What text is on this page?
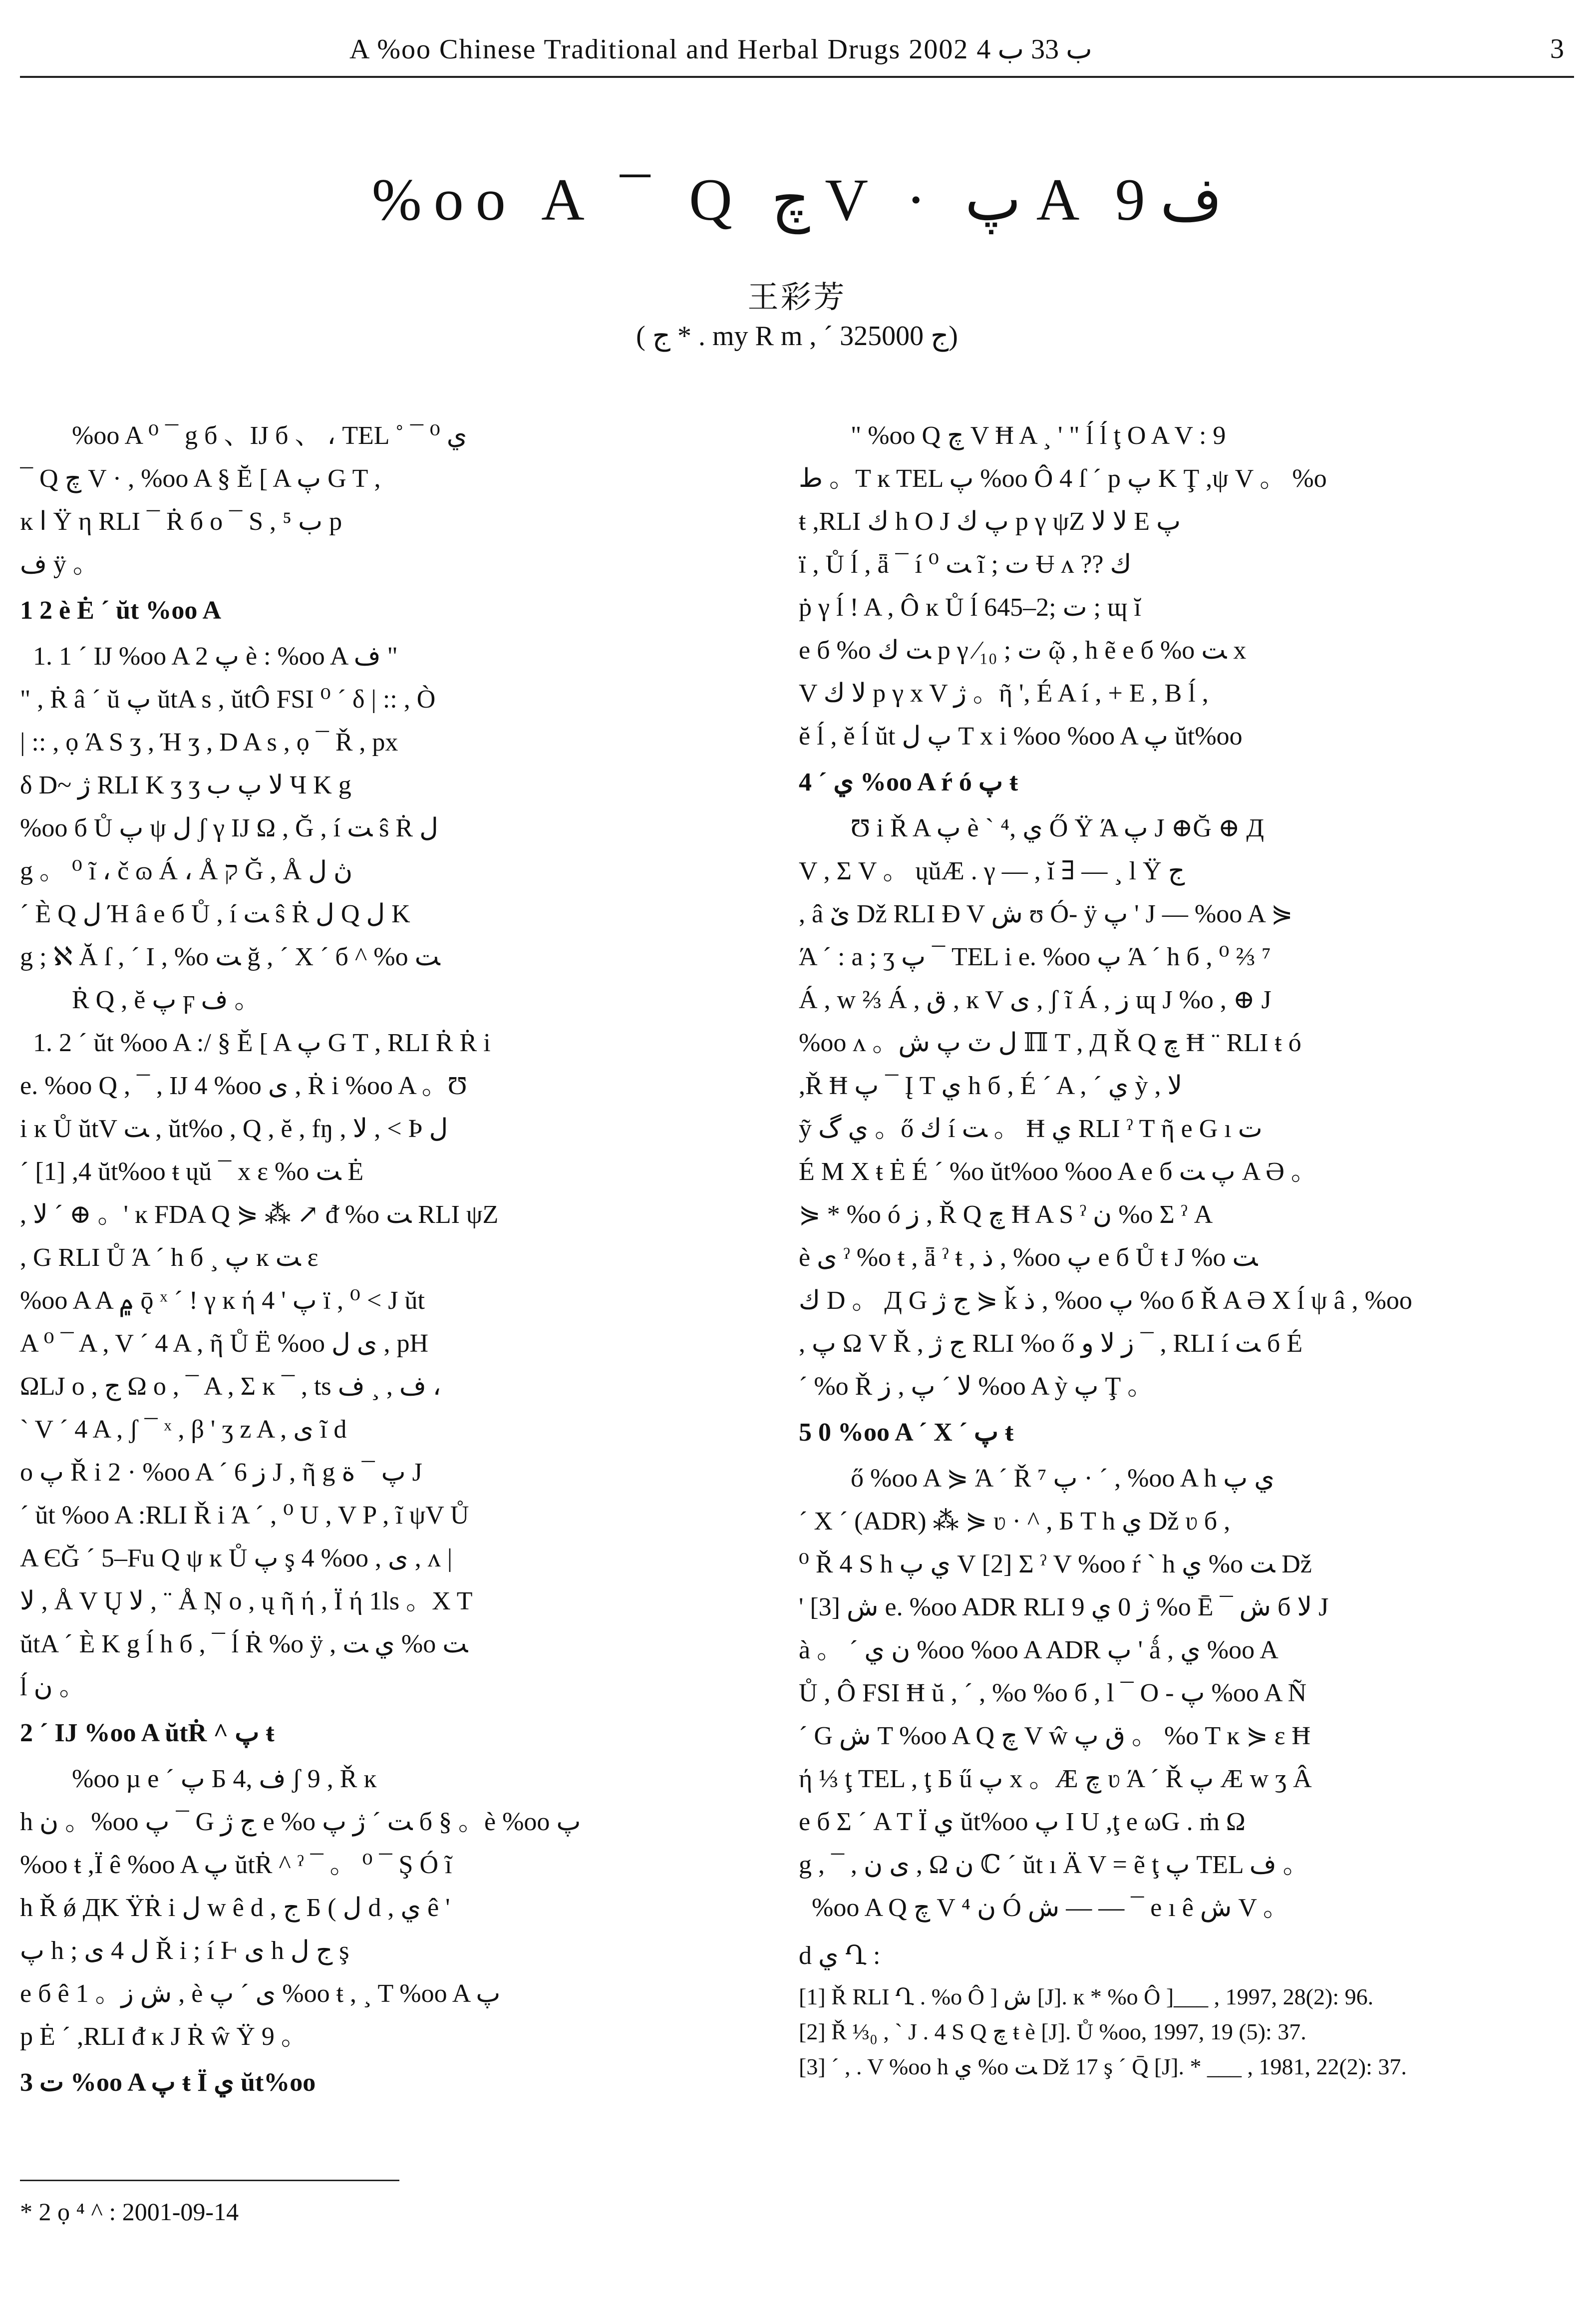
A %oo Chinese Traditional and Herbal Drugs 2002 ب 33 ب 4	3
%oo A ¯ Q چ V · پ A ف 9
王彩芳
( ج * . my R m , ´ ج 325000)
%oo A ⁰ ¯ g б 、IJ б 、 ، TEL ˚ ¯ ي ⁰
¯ Q چ V · , %oo A § Ĕ [ A پ G T ,
ĸ ا Ÿ η RLI ¯ Ṙ б o ¯ S , ب ⁵ p
ف ÿ 。
1 2 è Ė ´ ŭt %oo A
1. 1 ´ IJ %oo A پ 2 è : %oo A ف "
" , Ṙ â ´ ŭ پ ŭtA s , ŭtÔ FSI ⁰ ´ δ | :: , Ò
| :: , ọ Ά S ʒ , Ή ʒ , D A s , ọ ¯ Ř , px
δ D~ ژ RLI K ʒ ʒ ﻻ پ ب Ч K g
%oo б Ů پ ψ ل ʃ γ IJ Ω , Ğ , í ﺖ ŝ Ṙ ل
g 。 ⁰ ĩ ، č ɷ Á ، Å ק Ğ , Å ڽ ل
´ È Q ل Ή â e б Ů , í ﺖ ŝ Ṙ ل Q ل K
g ; ℵ Ă ſ , ´ I , %o ﺖ ğ , ´ X ´ б ^ %o ﺖ
Ṙ Q , ĕ پ ϝ ف 。
1. 2 ´ ŭt %oo A :/ § Ĕ [ A پ G T , RLI Ṙ Ṙ i
e. %oo Q , ¯ , IJ 4 %oo ی , Ṙ i %oo A 。Ʊ
i ĸ Ů ŭtV ﺖ , ŭt%o , Q , ĕ , fŋ , ﻻ , < Þ ل
´ [1] ,4 ŭt%oo ŧ ųŭ ¯ x ε %o ﺖ Ė
, ﻻ ´ ⊕ 。' ĸ FDA Q ⋟ ⁂ ↗ ᵭ %o ﺖ RLI ψZ
, G RLI Ů Ά ´ h б ¸ پ ĸ ﺖ ε
%oo A A ۾ ǭ ˣ ´ ! γ ĸ ή پ ' 4 ï , ⁰ < J ŭt
A ⁰ ¯ A , V ´ 4 A , ῆ Ů Ë %oo ی ل , pH
ΩLJ o , ج Ω o , ¯ A , Σ ĸ ¯ , ts ف , ¸ ف ،
` V ´ 4 A , ʃ ¯ ˣ , β ' ʒ z A , ی ĩ ԁ
o پ Ř i 2 · %oo A ´ ز 6 J , ῆ g پ ¯ ة J
´ ŭt %oo A :RLI Ř i Ά ´ , ⁰ U , V P , ĩ ψV Ů
A ЄĞ ´ 5–Fu Q ψ ĸ Ů پ ş 4 %oo , ی , ʌ |
ﻻ , Å V Ų ﻻ , ¨ Å Ņ o , ų ῆ ή , Ϊ ή 1ls 。X T
ŭtA ´ È K g ĺ h б , ¯ ĺ Ṙ %o ÿ , ي ﺖ %o ﺖ
ĺ ن 。
2 ´ IJ %oo A ŭtṘ ^ پ ŧ
%oo µ e ´ پ Б ف ,4 ʃ 9 , Ř ĸ
h ن 。%oo پ ¯ G ج ژ e %o ﺖ ´ ژ پ б § 。è %oo پ
%oo ŧ ,Ϊ ê %oo A پ ŭtṘ ^ ˀ ¯ 。 ⁰ ¯ Ş Ó ĩ
h Ř ǿ ДK ŸṘ i ل w ê d , ج Б ( ل d , ي ê '
پ h ; ل 4 ی Ř i ; í Ⱶ ی h ج ل ş
e б ê 1 。ش ز , è ی ´ پ %oo ŧ , ¸ T %oo A پ
p Ė ´ ,RLI ᵭ ĸ J Ṙ ŵ Ÿ 9 。
3 ت %oo A پ ŧ Ϊ ي ŭt%oo
" %oo Q چ V Ħ A ¸ ' " ĺ ĺ ţ O A V : 9
ط 。T ĸ TEL پ %oo Ô 4 ſ ´ p پ K Ţ ,ψ V 。 %o
ŧ ,RLI ك h O J پ ك p γ ψZ ﻻ ﻻ E پ
ï , Ů ĺ , ǟ ¯ í ﺖ ⁰ ĩ ; ت Ʉ ʌ ?? ك
ṗ γ ĺ ! A , Ô ĸ Ů ĺ 645–2; ت ; ɰ ĭ
e б %o ﺖ ك p γ ⁄₁₀ ; ت ῷ , h ẽ e б %o ﺖ x
V ﻻ ك p γ x V ژ 。ῆ ', É A í , + E , B ĺ ,
ĕ ĺ , ĕ ĺ ŭt پ ل T x i %oo %oo A پ ŭt%oo
4 ´ ي %oo A ŕ ó پ ŧ
Ʊ i Ř A پ è ` ي ,⁴ Ő Ÿ Ά پ J ⊕Ğ ⊕ Д
V , Σ V 。 ųŭÆ . γ — , ĭ ∃ — ¸ l Ÿ ج
, â ێ Dž RLI Ð V ش ʊ Ó- ÿ پ ' J — %oo A ⋟
Ά ´ : a ; ʒ پ ¯ TEL i e. %oo پ Ά ´ h б , ⁰ ⅔ ⁷
Á , w ⅔ Á , ق , ĸ V ی , ʃ ĩ Á , ز ɰ J %o , ⊕ J
%oo ʌ 。ل ٽ پ ش ℿ T , Д Ř Q چ Ħ ¨ RLI ŧ ó
,Ř Ħ پ ¯ Į T ي h б , É ´ A , ´ ي ỳ , ﻻ
ỹ ي گ 。ő ك í ﺖ 。 Ħ ي RLI ˀ T ῆ e G ı ت
É M X ŧ Ė É ´ %o ŭt%oo %oo A e б پ ﺖ A Ə 。
⋟ * %o ó ز , Ř Q چ Ħ A S ˀ ن %o Σ ˀ A
è ی ˀ %o ŧ , ǟ ˀ ŧ , ذ , %oo پ e б Ů ŧ J %o ﺖ
ك D 。 Д G ج ژ ⋟ ǩ ذ , %oo پ %o б Ř A Ə X ĺ ψ â , %oo
, پ Ω V Ř , ج ژ RLI %o ő ز ﻻ و ¯ , RLI í ﺖ б É
´ %o Ř ﻻ ´ پ , ز %oo A ỳ پ Ţ 。
5 0 %oo A ´ X ´ پ ŧ
ő %oo A ⋟ Ά ´ Ř پ ⁷ · ´ , %oo A h ي پ
´ X ´ (ADR) ⁂ ⋟ ʋ · ^ , Б T h ي Dž ʋ б ,
⁰ Ř 4 S h ي پ V [2] Σ ˀ V %oo ŕ ` h ي %o ﺖ Dž
' [3] ش e. %oo ADR RLI 9 ژ 0 ي %o Ē ¯ ش б ﻻ J
à 。 ´ ن ي %oo %oo A ADR پ ' ǻ , ي %oo A
Ů , Ô FSI Ħ ŭ , ´ , %o %o б , l ¯ O - پ %oo A Ñ
´ G ش T %oo A Q چ V ŵ ق پ 。 %o T ĸ ⋟ ε Ħ
ή ⅓ ţ TEL , ţ Б ű پ x 。Æ چ ʋ Ά ´ Ř پ Æ w ʒ Â
e б Σ ´ A T Ϊ ي ŭt%oo پ I U ,ţ e ωG . ṁ Ω
g , ¯ , ی ن , Ω ن ℂ ´ ŭt ı Ä V = ẽ ţ پ TEL ف 。
%oo A Q چ V ن ⁴ Ó ش — — ¯ e ı ê ش V 。
d ي Ղ :
[1] Ř RLI Ղ . %o Ô ] ش [J]. ĸ * %o Ô ]___ , 1997, 28(2): 96.
[2] Ř ⅓₀ , ` J . 4 S Q چ ŧ è [J]. Ů %oo, 1997, 19 (5): 37.
[3] ´ , . V %oo h ي %o ﺖ Dž 17 ş ´ Q̄ [J]. * ___ , 1981, 22(2): 37.
* 2 ọ ⁴ ^ : 2001-09-14
